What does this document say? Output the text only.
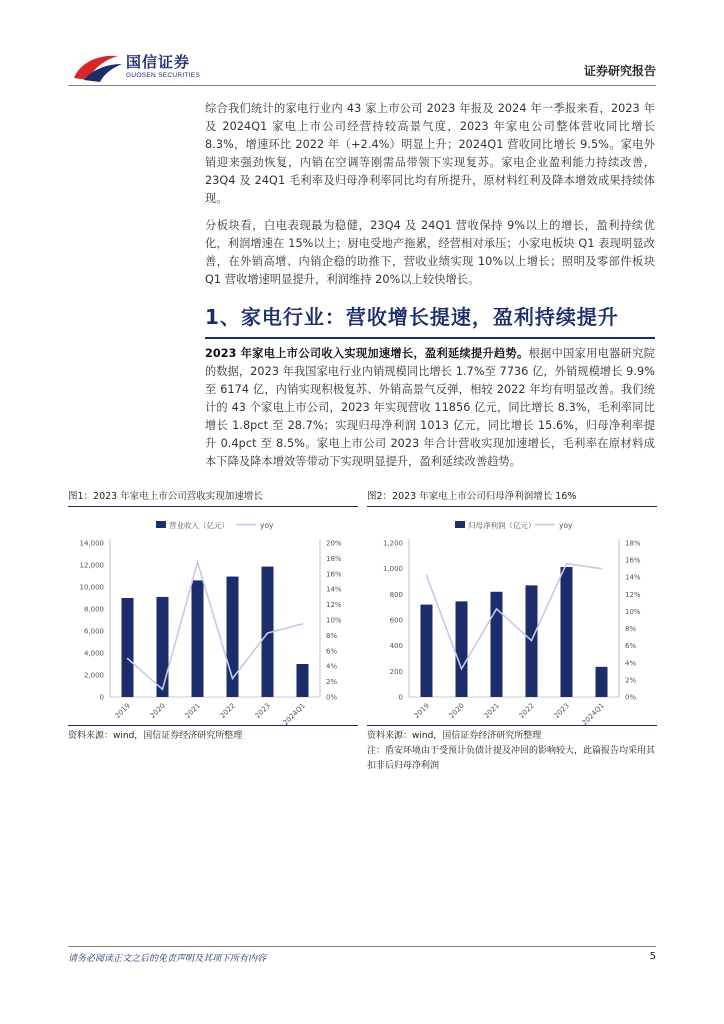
国信证券
GUOSEN SECURITIES	证券研究报告

综合我们统计的家电行业内 43 家上市公司 2023 年报及 2024 年一季报来看，2023 年及 2024Q1 家电上市公司经营持较高景气度，2023 年家电公司整体营收同比增长 8.3%，增速环比 2022 年（+2.4%）明显上升；2024Q1 营收同比增长 9.5%。家电外销迎来强劲恢复，内销在空调等刚需品带领下实现复苏。家电企业盈利能力持续改善，23Q4 及 24Q1 毛利率及归母净利率同比均有所提升，原材料红利及降本增效成果持续体现。

分板块看，白电表现最为稳健，23Q4 及 24Q1 营收保持 9%以上的增长，盈利持续优化，利润增速在 15%以上；厨电受地产拖累，经营相对承压；小家电板块 Q1 表现明显改善，在外销高增、内销企稳的助推下，营收业绩实现 10%以上增长；照明及零部件板块 Q1 营收增速明显提升，利润维持 20%以上较快增长。

1、家电行业：营收增长提速，盈利持续提升

2023 年家电上市公司收入实现加速增长，盈利延续提升趋势。根据中国家用电器研究院的数据，2023 年我国家电行业内销规模同比增长 1.7%至 7736 亿，外销规模增长 9.9%至 6174 亿，内销实现积极复苏、外销高景气反弹，相较 2022 年均有明显改善。我们统计的 43 个家电上市公司，2023 年实现营收 11856 亿元，同比增长 8.3%，毛利率同比增长 1.8pct 至 28.7%；实现归母净利润 1013 亿元，同比增长 15.6%，归母净利率提升 0.4pct 至 8.5%。家电上市公司 2023 年合计营收实现加速增长，毛利率在原材料成本下降及降本增效等带动下实现明显提升，盈利延续改善趋势。

图1：2023 年家电上市公司营收实现加速增长
营业收入（亿元）	yoy
0
2,000
4,000
6,000
8,000
10,000
12,000
14,000
0%
2%
4%
6%
8%
10%
12%
14%
16%
18%
20%
2019 2020 2021 2022 2023 2024Q1
资料来源：wind，国信证券经济研究所整理
图2：2023 年家电上市公司归母净利润增长 16%
归母净利润（亿元）	yoy
0
200
400
600
800
1,000
1,200
0%
2%
4%
6%
8%
10%
12%
14%
16%
18%
2019 2020 2021 2022 2023 2024Q1
资料来源：wind，国信证券经济研究所整理
注：盾安环境由于受预计负债计提及冲回的影响较大，此篇报告均采用其扣非后归母净利润
请务必阅读正文之后的免责声明及其项下所有内容	5
